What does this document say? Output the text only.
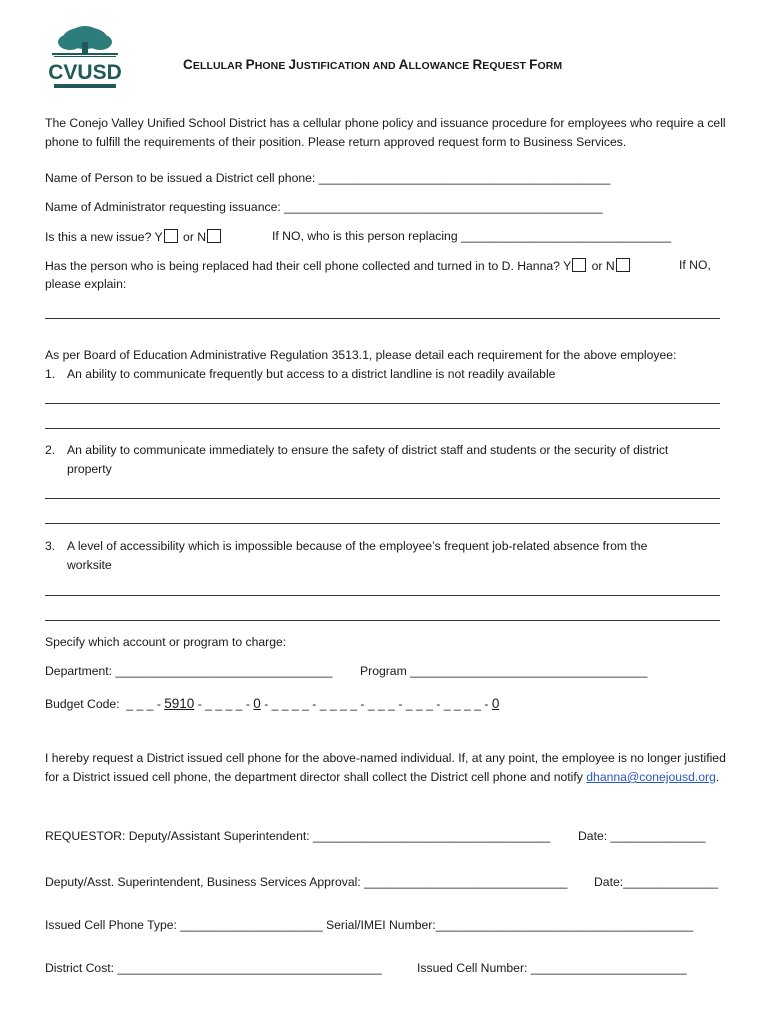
CVUSD	CELLULAR PHONE JUSTIFICATION AND ALLOWANCE REQUEST FORM
The Conejo Valley Unified School District has a cellular phone policy and issuance procedure for employees who require a cell phone to fulfill the requirements of their position. Please return approved request form to Business Services.
Name of Person to be issued a District cell phone: ___________________________________________
Name of Administrator requesting issuance: _______________________________________________
Is this a new issue? Y or N	If NO, who is this person replacing _______________________________
Has the person who is being replaced had their cell phone collected and turned in to D. Hanna? Y or N	If NO,
please explain:
As per Board of Education Administrative Regulation 3513.1, please detail each requirement for the above employee:
1. An ability to communicate frequently but access to a district landline is not readily available
2. An ability to communicate immediately to ensure the safety of district staff and students or the security of district
property
3. A level of accessibility which is impossible because of the employee’s frequent job-related absence from the
worksite
Specify which account or program to charge:
Department: ________________________________ Program ___________________________________
Budget Code: _ _ _ - 5910 - _ _ _ _ - 0 - _ _ _ _ - _ _ _ _ - _ _ _ - _ _ _ - _ _ _ _ - 0
I hereby request a District issued cell phone for the above-named individual. If, at any point, the employee is no longer justified for a District issued cell phone, the department director shall collect the District cell phone and notify dhanna@conejousd.org.
REQUESTOR: Deputy/Assistant Superintendent: ___________________________________ Date: ______________
Deputy/Asst. Superintendent, Business Services Approval: ______________________________ Date:______________
Issued Cell Phone Type: _____________________ Serial/IMEI Number:______________________________________
District Cost: _______________________________________	Issued Cell Number: _______________________
